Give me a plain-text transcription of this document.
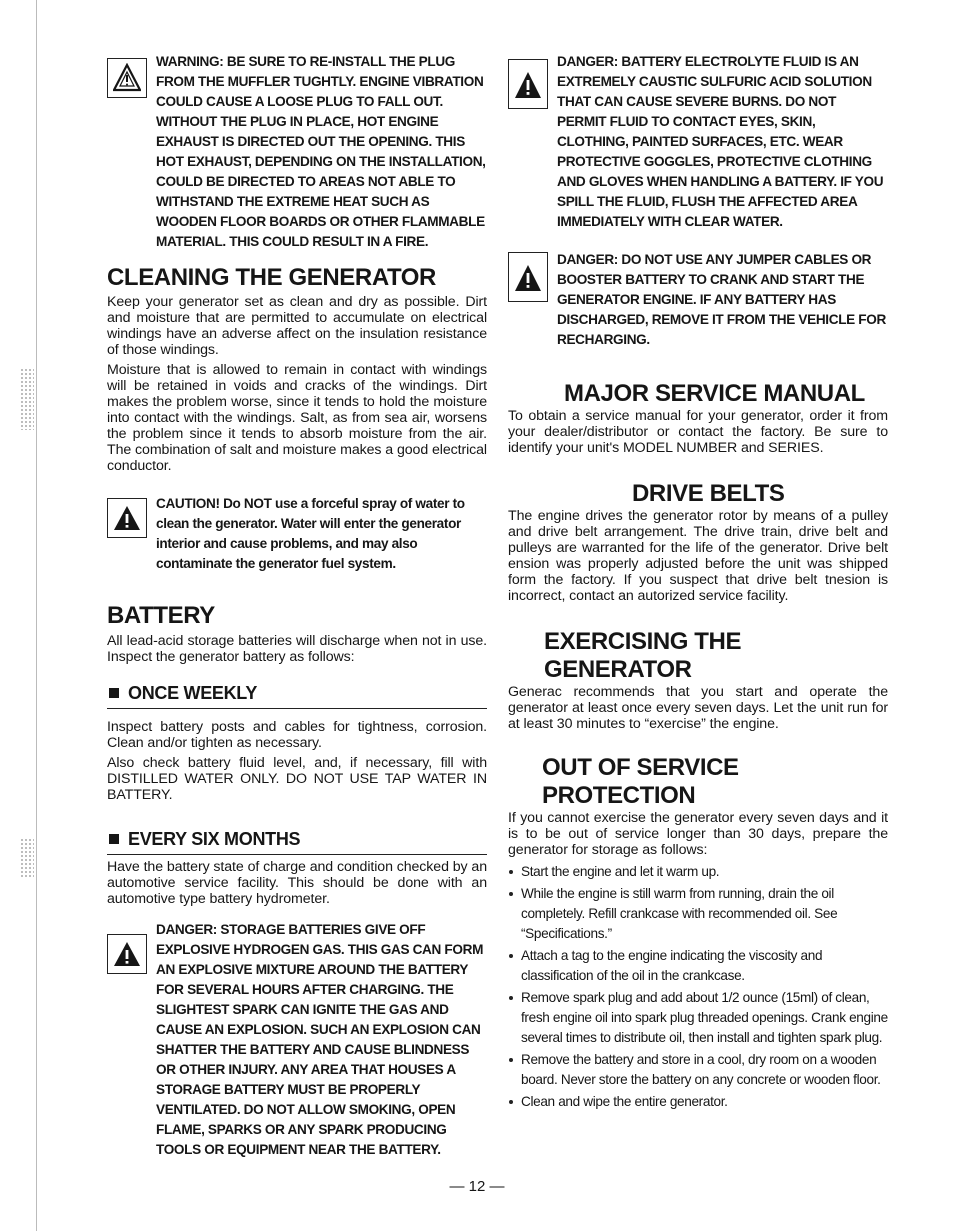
WARNING: BE SURE TO RE-INSTALL THE PLUG FROM THE MUFFLER TUGHTLY. ENGINE VIBRATION COULD CAUSE A LOOSE PLUG TO FALL OUT. WITHOUT THE PLUG IN PLACE, HOT ENGINE EXHAUST IS DIRECTED OUT THE OPENING. THIS HOT EXHAUST, DEPENDING ON THE INSTALLATION, COULD BE DIRECTED TO AREAS NOT ABLE TO WITHSTAND THE EXTREME HEAT SUCH AS WOODEN FLOOR BOARDS OR OTHER FLAMMABLE MATERIAL. THIS COULD RESULT IN A FIRE.

CLEANING THE GENERATOR

Keep your generator set as clean and dry as possible. Dirt and moisture that are permitted to accumulate on electrical windings have an adverse affect on the insulation resistance of those windings.

Moisture that is allowed to remain in contact with windings will be retained in voids and cracks of the windings. Dirt makes the problem worse, since it tends to hold the moisture into contact with the windings. Salt, as from sea air, worsens the problem since it tends to absorb moisture from the air. The combination of salt and moisture makes a good electrical conductor.

CAUTION! Do NOT use a forceful spray of water to clean the generator. Water will enter the generator interior and cause problems, and may also contaminate the generator fuel system.

BATTERY

All lead-acid storage batteries will discharge when not in use. Inspect the generator battery as follows:

ONCE WEEKLY

Inspect battery posts and cables for tightness, corrosion. Clean and/or tighten as necessary.

Also check battery fluid level, and, if necessary, fill with DISTILLED WATER ONLY. DO NOT USE TAP WATER IN BATTERY.

EVERY SIX MONTHS

Have the battery state of charge and condition checked by an automotive service facility. This should be done with an automotive type battery hydrometer.

DANGER: STORAGE BATTERIES GIVE OFF EXPLOSIVE HYDROGEN GAS. THIS GAS CAN FORM AN EXPLOSIVE MIXTURE AROUND THE BATTERY FOR SEVERAL HOURS AFTER CHARGING. THE SLIGHTEST SPARK CAN IGNITE THE GAS AND CAUSE AN EXPLOSION. SUCH AN EXPLOSION CAN SHATTER THE BATTERY AND CAUSE BLINDNESS OR OTHER INJURY. ANY AREA THAT HOUSES A STORAGE BATTERY MUST BE PROPERLY VENTILATED. DO NOT ALLOW SMOKING, OPEN FLAME, SPARKS OR ANY SPARK PRODUCING TOOLS OR EQUIPMENT NEAR THE BATTERY.

DANGER: BATTERY ELECTROLYTE FLUID IS AN EXTREMELY CAUSTIC SULFURIC ACID SOLUTION THAT CAN CAUSE SEVERE BURNS. DO NOT PERMIT FLUID TO CONTACT EYES, SKIN, CLOTHING, PAINTED SURFACES, ETC. WEAR PROTECTIVE GOGGLES, PROTECTIVE CLOTHING AND GLOVES WHEN HANDLING A BATTERY. IF YOU SPILL THE FLUID, FLUSH THE AFFECTED AREA IMMEDIATELY WITH CLEAR WATER.

DANGER: DO NOT USE ANY JUMPER CABLES OR BOOSTER BATTERY TO CRANK AND START THE GENERATOR ENGINE. IF ANY BATTERY HAS DISCHARGED, REMOVE IT FROM THE VEHICLE FOR RECHARGING.

MAJOR SERVICE MANUAL

To obtain a service manual for your generator, order it from your dealer/distributor or contact the factory. Be sure to identify your unit's MODEL NUMBER and SERIES.

DRIVE BELTS

The engine drives the generator rotor by means of a pulley and drive belt arrangement. The drive train, drive belt and pulleys are warranted for the life of the generator. Drive belt ension was properly adjusted before the unit was shipped form the factory. If you suspect that drive belt tnesion is incorrect, contact an autorized service facility.

EXERCISING THE GENERATOR

Generac recommends that you start and operate the generator at least once every seven days. Let the unit run for at least 30 minutes to “exercise” the engine.

OUT OF SERVICE PROTECTION

If you cannot exercise the generator every seven days and it is to be out of service longer than 30 days, prepare the generator for storage as follows:

Start the engine and let it warm up.
While the engine is still warm from running, drain the oil completely. Refill crankcase with recommended oil. See “Specifications.”
Attach a tag to the engine indicating the viscosity and classification of the oil in the crankcase.
Remove spark plug and add about 1/2 ounce (15ml) of clean, fresh engine oil into spark plug threaded openings. Crank engine several times to distribute oil, then install and tighten spark plug.
Remove the battery and store in a cool, dry room on a wooden board. Never store the battery on any concrete or wooden floor.
Clean and wipe the entire generator.
— 12 —
